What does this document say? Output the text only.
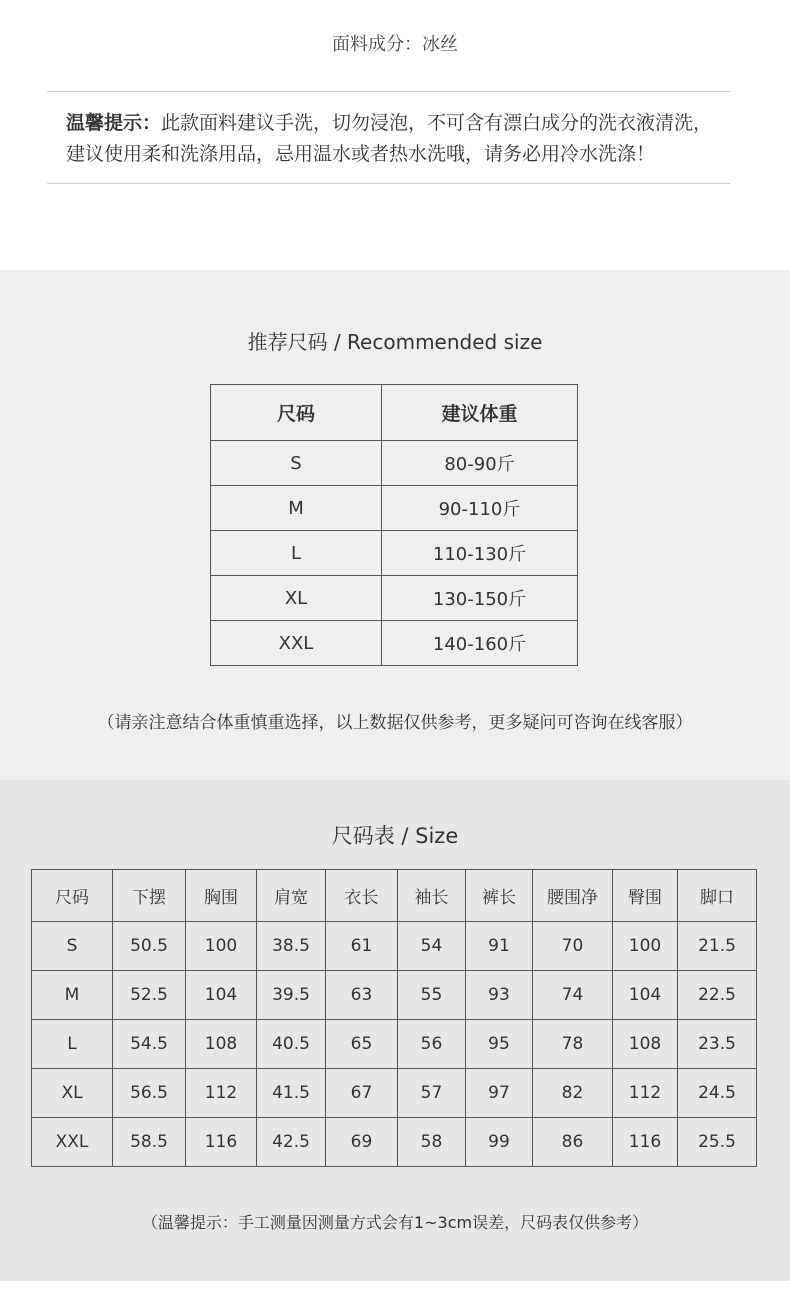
面料成分：冰丝
温馨提示：此款面料建议手洗，切勿浸泡，不可含有漂白成分的洗衣液清洗，建议使用柔和洗涤用品，忌用温水或者热水洗哦，请务必用冷水洗涤！
推荐尺码 / Recommended size
尺码	建议体重
S	80-90斤
M	90-110斤
L	110-130斤
XL	130-150斤
XXL	140-160斤
（请亲注意结合体重慎重选择，以上数据仅供参考，更多疑问可咨询在线客服）
尺码表 / Size
尺码	下摆	胸围	肩宽	衣长	袖长	裤长	腰围净	臀围	脚口
S	50.5	100	38.5	61	54	91	70	100	21.5
M	52.5	104	39.5	63	55	93	74	104	22.5
L	54.5	108	40.5	65	56	95	78	108	23.5
XL	56.5	112	41.5	67	57	97	82	112	24.5
XXL	58.5	116	42.5	69	58	99	86	116	25.5
（温馨提示：手工测量因测量方式会有1~3cm误差，尺码表仅供参考）
